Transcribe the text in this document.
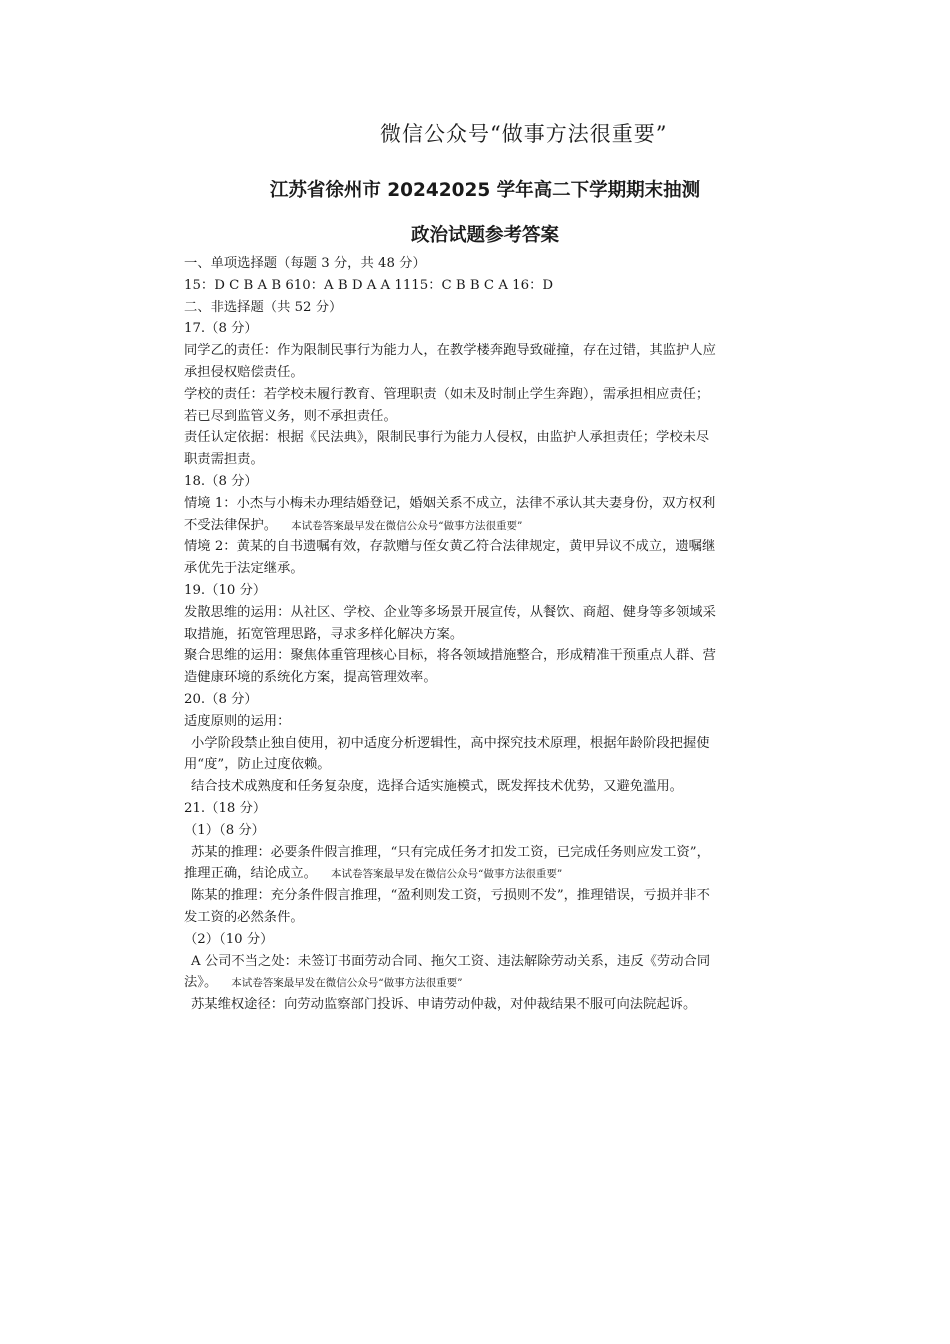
微信公众号“做事方法很重要”
江苏省徐州市 20242025 学年高二下学期期末抽测
政治试题参考答案
一、单项选择题（每题 3 分，共 48 分）
15：D C B A B 610：A B D A A 1115：C B B C A 16：D
二、非选择题（共 52 分）
17.（8 分）
同学乙的责任：作为限制民事行为能力人，在教学楼奔跑导致碰撞，存在过错，其监护人应
承担侵权赔偿责任。
学校的责任：若学校未履行教育、管理职责（如未及时制止学生奔跑），需承担相应责任；
若已尽到监管义务，则不承担责任。
责任认定依据：根据《民法典》，限制民事行为能力人侵权，由监护人承担责任；学校未尽
职责需担责。
18.（8 分）
情境 1：小杰与小梅未办理结婚登记，婚姻关系不成立，法律不承认其夫妻身份，双方权利
不受法律保护。 本试卷答案最早发在微信公众号“做事方法很重要”
情境 2：黄某的自书遗嘱有效，存款赠与侄女黄乙符合法律规定，黄甲异议不成立，遗嘱继
承优先于法定继承。
19.（10 分）
发散思维的运用：从社区、学校、企业等多场景开展宣传，从餐饮、商超、健身等多领域采
取措施，拓宽管理思路，寻求多样化解决方案。
聚合思维的运用：聚焦体重管理核心目标，将各领域措施整合，形成精准干预重点人群、营
造健康环境的系统化方案，提高管理效率。
20.（8 分）
适度原则的运用：
小学阶段禁止独自使用，初中适度分析逻辑性，高中探究技术原理，根据年龄阶段把握使
用“度”，防止过度依赖。
结合技术成熟度和任务复杂度，选择合适实施模式，既发挥技术优势，又避免滥用。
21.（18 分）
（1）（8 分）
苏某的推理：必要条件假言推理，“只有完成任务才扣发工资，已完成任务则应发工资”，
推理正确，结论成立。 本试卷答案最早发在微信公众号“做事方法很重要”
陈某的推理：充分条件假言推理，“盈利则发工资，亏损则不发”，推理错误，亏损并非不
发工资的必然条件。
（2）（10 分）
A 公司不当之处：未签订书面劳动合同、拖欠工资、违法解除劳动关系，违反《劳动合同
法》。 本试卷答案最早发在微信公众号“做事方法很重要”
苏某维权途径：向劳动监察部门投诉、申请劳动仲裁，对仲裁结果不服可向法院起诉。
